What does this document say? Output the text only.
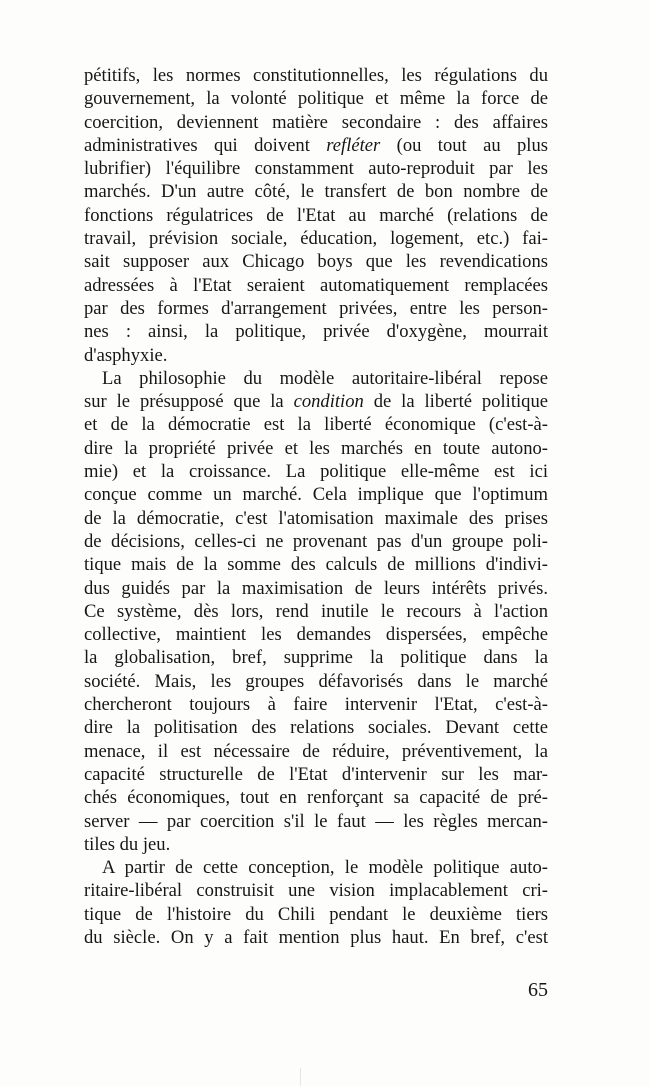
pétitifs, les normes constitutionnelles, les régulations du
gouvernement, la volonté politique et même la force de
coercition, deviennent matière secondaire : des affaires
administratives qui doivent refléter (ou tout au plus
lubrifier) l'équilibre constamment auto-reproduit par les
marchés. D'un autre côté, le transfert de bon nombre de
fonctions régulatrices de l'Etat au marché (relations de
travail, prévision sociale, éducation, logement, etc.) fai-
sait supposer aux Chicago boys que les revendications
adressées à l'Etat seraient automatiquement remplacées
par des formes d'arrangement privées, entre les person-
nes : ainsi, la politique, privée d'oxygène, mourrait
d'asphyxie.
La philosophie du modèle autoritaire-libéral repose
sur le présupposé que la condition de la liberté politique
et de la démocratie est la liberté économique (c'est-à-
dire la propriété privée et les marchés en toute autono-
mie) et la croissance. La politique elle-même est ici
conçue comme un marché. Cela implique que l'optimum
de la démocratie, c'est l'atomisation maximale des prises
de décisions, celles-ci ne provenant pas d'un groupe poli-
tique mais de la somme des calculs de millions d'indivi-
dus guidés par la maximisation de leurs intérêts privés.
Ce système, dès lors, rend inutile le recours à l'action
collective, maintient les demandes dispersées, empêche
la globalisation, bref, supprime la politique dans la
société. Mais, les groupes défavorisés dans le marché
chercheront toujours à faire intervenir l'Etat, c'est-à-
dire la politisation des relations sociales. Devant cette
menace, il est nécessaire de réduire, préventivement, la
capacité structurelle de l'Etat d'intervenir sur les mar-
chés économiques, tout en renforçant sa capacité de pré-
server — par coercition s'il le faut — les règles mercan-
tiles du jeu.
A partir de cette conception, le modèle politique auto-
ritaire-libéral construisit une vision implacablement cri-
tique de l'histoire du Chili pendant le deuxième tiers
du siècle. On y a fait mention plus haut. En bref, c'est
65
